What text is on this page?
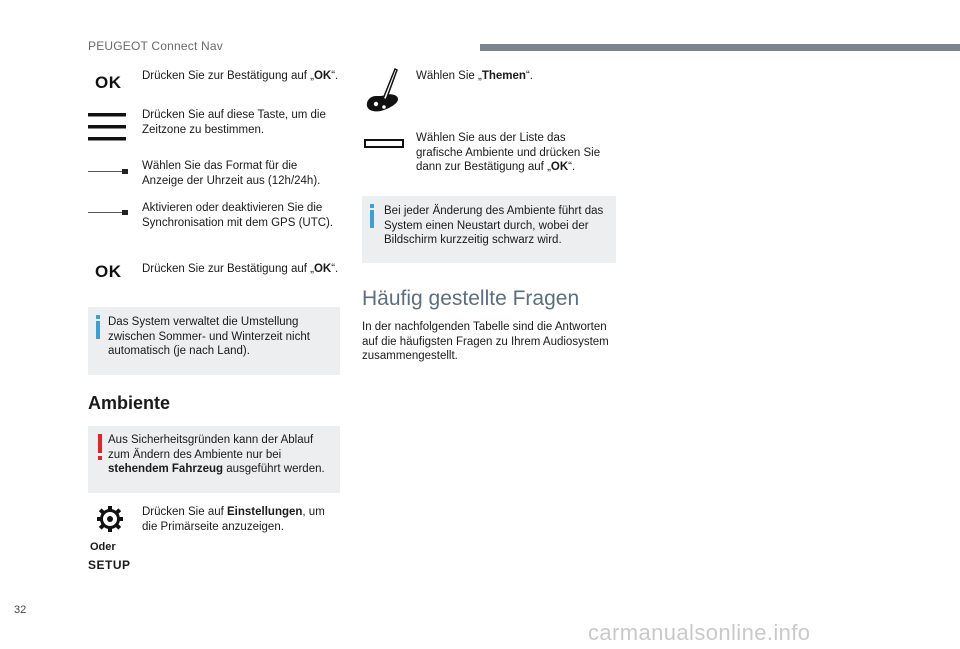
PEUGEOT Connect Nav
OK Drücken Sie zur Bestätigung auf „OK“.
Drücken Sie auf diese Taste, um die
Zeitzone zu bestimmen.
Wählen Sie das Format für die
Anzeige der Uhrzeit aus (12h/24h).
Aktivieren oder deaktivieren Sie die
Synchronisation mit dem GPS (UTC).
OK Drücken Sie zur Bestätigung auf „OK“.
Das System verwaltet die Umstellung
zwischen Sommer- und Winterzeit nicht
automatisch (je nach Land).
Ambiente
Aus Sicherheitsgründen kann der Ablauf
zum Ändern des Ambiente nur bei
stehendem Fahrzeug ausgeführt werden.
Oder
SETUP
Drücken Sie auf Einstellungen, um
die Primärseite anzuzeigen.
Wählen Sie „Themen“.
Wählen Sie aus der Liste das
grafische Ambiente und drücken Sie
dann zur Bestätigung auf „OK“.
Bei jeder Änderung des Ambiente führt das
System einen Neustart durch, wobei der
Bildschirm kurzzeitig schwarz wird.
Häufig gestellte Fragen
In der nachfolgenden Tabelle sind die Antworten
auf die häufigsten Fragen zu Ihrem Audiosystem
zusammengestellt.
32
carmanualsonline.info
